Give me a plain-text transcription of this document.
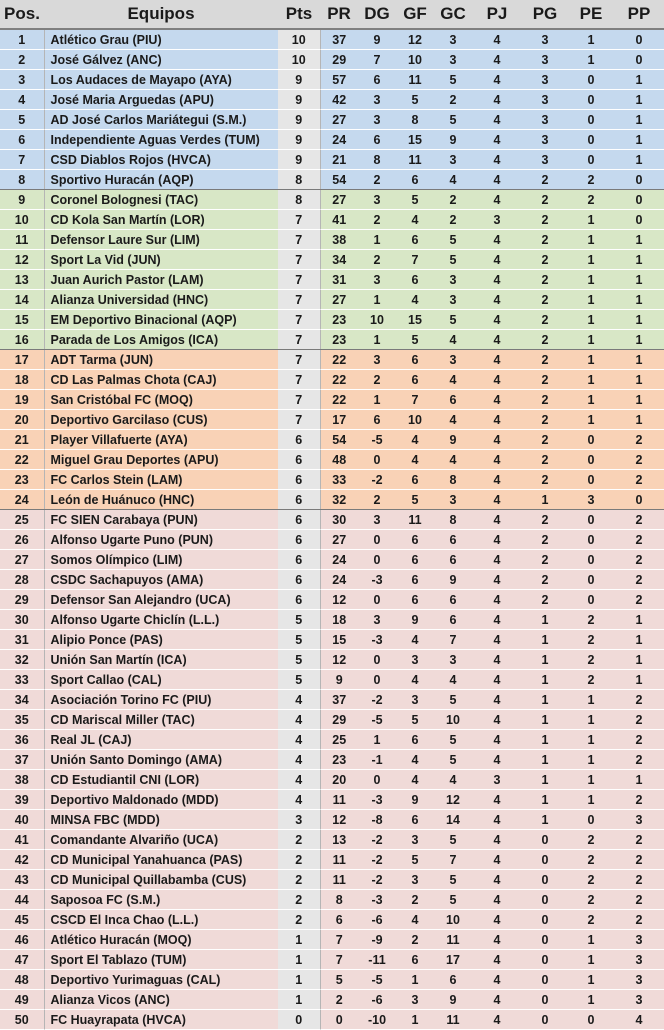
Pos.	Equipos	Pts	PR	DG	GF	GC	PJ	PG	PE	PP
1	Atlético Grau (PIU)	10	37	9	12	3	4	3	1	0
2	José Gálvez (ANC)	10	29	7	10	3	4	3	1	0
3	Los Audaces de Mayapo (AYA)	9	57	6	11	5	4	3	0	1
4	José Maria Arguedas (APU)	9	42	3	5	2	4	3	0	1
5	AD José Carlos Mariátegui (S.M.)	9	27	3	8	5	4	3	0	1
6	Independiente Aguas Verdes (TUM)	9	24	6	15	9	4	3	0	1
7	CSD Diablos Rojos (HVCA)	9	21	8	11	3	4	3	0	1
8	Sportivo Huracán (AQP)	8	54	2	6	4	4	2	2	0
9	Coronel Bolognesi (TAC)	8	27	3	5	2	4	2	2	0
10	CD Kola San Martín (LOR)	7	41	2	4	2	3	2	1	0
11	Defensor Laure Sur (LIM)	7	38	1	6	5	4	2	1	1
12	Sport La Vid (JUN)	7	34	2	7	5	4	2	1	1
13	Juan Aurich Pastor (LAM)	7	31	3	6	3	4	2	1	1
14	Alianza Universidad (HNC)	7	27	1	4	3	4	2	1	1
15	EM Deportivo Binacional (AQP)	7	23	10	15	5	4	2	1	1
16	Parada de Los Amigos (ICA)	7	23	1	5	4	4	2	1	1
17	ADT Tarma (JUN)	7	22	3	6	3	4	2	1	1
18	CD Las Palmas Chota (CAJ)	7	22	2	6	4	4	2	1	1
19	San Cristóbal FC (MOQ)	7	22	1	7	6	4	2	1	1
20	Deportivo Garcilaso (CUS)	7	17	6	10	4	4	2	1	1
21	Player Villafuerte (AYA)	6	54	-5	4	9	4	2	0	2
22	Miguel Grau Deportes (APU)	6	48	0	4	4	4	2	0	2
23	FC Carlos Stein (LAM)	6	33	-2	6	8	4	2	0	2
24	León de Huánuco (HNC)	6	32	2	5	3	4	1	3	0
25	FC SIEN Carabaya (PUN)	6	30	3	11	8	4	2	0	2
26	Alfonso Ugarte Puno (PUN)	6	27	0	6	6	4	2	0	2
27	Somos Olímpico (LIM)	6	24	0	6	6	4	2	0	2
28	CSDC Sachapuyos (AMA)	6	24	-3	6	9	4	2	0	2
29	Defensor San Alejandro (UCA)	6	12	0	6	6	4	2	0	2
30	Alfonso Ugarte Chiclín (L.L.)	5	18	3	9	6	4	1	2	1
31	Alipio Ponce (PAS)	5	15	-3	4	7	4	1	2	1
32	Unión San Martín (ICA)	5	12	0	3	3	4	1	2	1
33	Sport Callao (CAL)	5	9	0	4	4	4	1	2	1
34	Asociación Torino FC (PIU)	4	37	-2	3	5	4	1	1	2
35	CD Mariscal Miller (TAC)	4	29	-5	5	10	4	1	1	2
36	Real JL (CAJ)	4	25	1	6	5	4	1	1	2
37	Unión Santo Domingo (AMA)	4	23	-1	4	5	4	1	1	2
38	CD Estudiantil CNI (LOR)	4	20	0	4	4	3	1	1	1
39	Deportivo Maldonado (MDD)	4	11	-3	9	12	4	1	1	2
40	MINSA FBC (MDD)	3	12	-8	6	14	4	1	0	3
41	Comandante Alvariño (UCA)	2	13	-2	3	5	4	0	2	2
42	CD Municipal Yanahuanca (PAS)	2	11	-2	5	7	4	0	2	2
43	CD Municipal Quillabamba (CUS)	2	11	-2	3	5	4	0	2	2
44	Saposoa FC (S.M.)	2	8	-3	2	5	4	0	2	2
45	CSCD El Inca Chao (L.L.)	2	6	-6	4	10	4	0	2	2
46	Atlético Huracán (MOQ)	1	7	-9	2	11	4	0	1	3
47	Sport El Tablazo (TUM)	1	7	-11	6	17	4	0	1	3
48	Deportivo Yurimaguas (CAL)	1	5	-5	1	6	4	0	1	3
49	Alianza Vicos (ANC)	1	2	-6	3	9	4	0	1	3
50	FC Huayrapata (HVCA)	0	0	-10	1	11	4	0	0	4
